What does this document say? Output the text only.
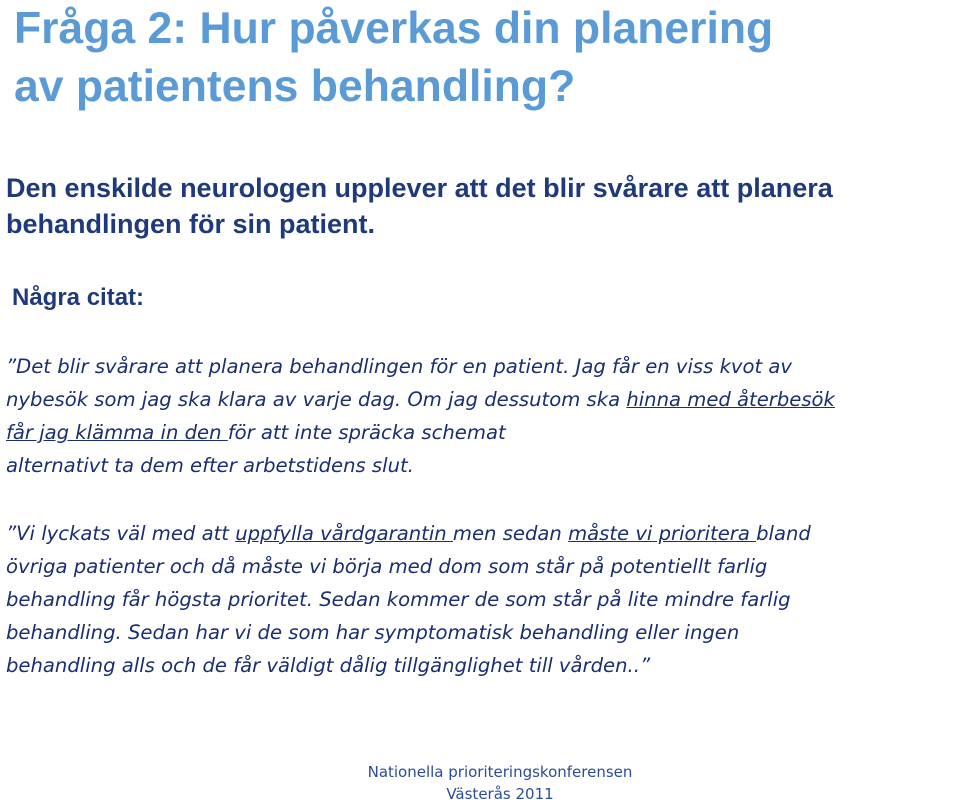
Fråga 2: Hur påverkas din planering
av patientens behandling?
Den enskilde neurologen upplever att det blir svårare att planera
behandlingen för sin patient.
Några citat:
”Det blir svårare att planera behandlingen för en patient. Jag får en viss kvot av
nybesök som jag ska klara av varje dag. Om jag dessutom ska hinna med återbesök
får jag klämma in den för att inte spräcka schemat
alternativt ta dem efter arbetstidens slut.
”Vi lyckats väl med att uppfylla vårdgarantin men sedan måste vi prioritera bland
övriga patienter och då måste vi börja med dom som står på potentiellt farlig
behandling får högsta prioritet. Sedan kommer de som står på lite mindre farlig
behandling. Sedan har vi de som har symptomatisk behandling eller ingen
behandling alls och de får väldigt dålig tillgänglighet till vården..”
Nationella prioriteringskonferensen
Västerås 2011
